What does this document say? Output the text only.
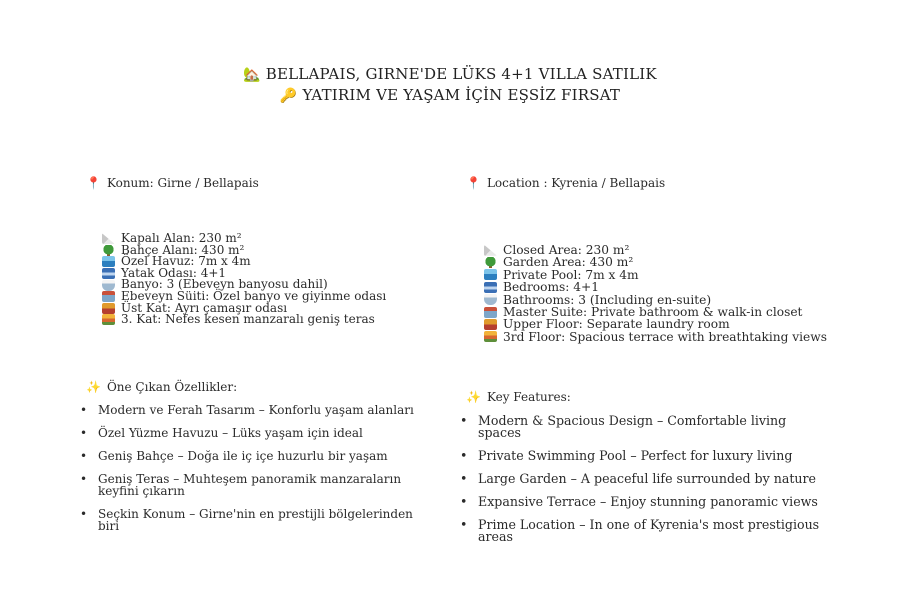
🏡 BELLAPAIS, GIRNE'DE LÜKS 4+1 VILLA SATILIK
🔑 YATIRIM VE YAŞAM İÇİN EŞSİZ FIRSAT
📍 Konum: Girne / Bellapais
Kapalı Alan: 230 m²
Bahçe Alanı: 430 m²
Özel Havuz: 7m x 4m
Yatak Odası: 4+1
Banyo: 3 (Ebeveyn banyosu dahil)
Ebeveyn Süiti: Özel banyo ve giyinme odası
Üst Kat: Ayrı çamaşır odası
3. Kat: Nefes kesen manzaralı geniş teras
✨ Öne Çıkan Özellikler:
• Modern ve Ferah Tasarım – Konforlu yaşam alanları
• Özel Yüzme Havuzu – Lüks yaşam için ideal
• Geniş Bahçe – Doğa ile iç içe huzurlu bir yaşam
• Geniş Teras – Muhteşem panoramik manzaraların keyfini çıkarın
• Seçkin Konum – Girne'nin en prestijli bölgelerinden biri
📍 Location : Kyrenia / Bellapais
Closed Area: 230 m²
Garden Area: 430 m²
Private Pool: 7m x 4m
Bedrooms: 4+1
Bathrooms: 3 (Including en-suite)
Master Suite: Private bathroom & walk-in closet
Upper Floor: Separate laundry room
3rd Floor: Spacious terrace with breathtaking views
✨ Key Features:
• Modern & Spacious Design – Comfortable living spaces
• Private Swimming Pool – Perfect for luxury living
• Large Garden – A peaceful life surrounded by nature
• Expansive Terrace – Enjoy stunning panoramic views
• Prime Location – In one of Kyrenia's most prestigious areas
